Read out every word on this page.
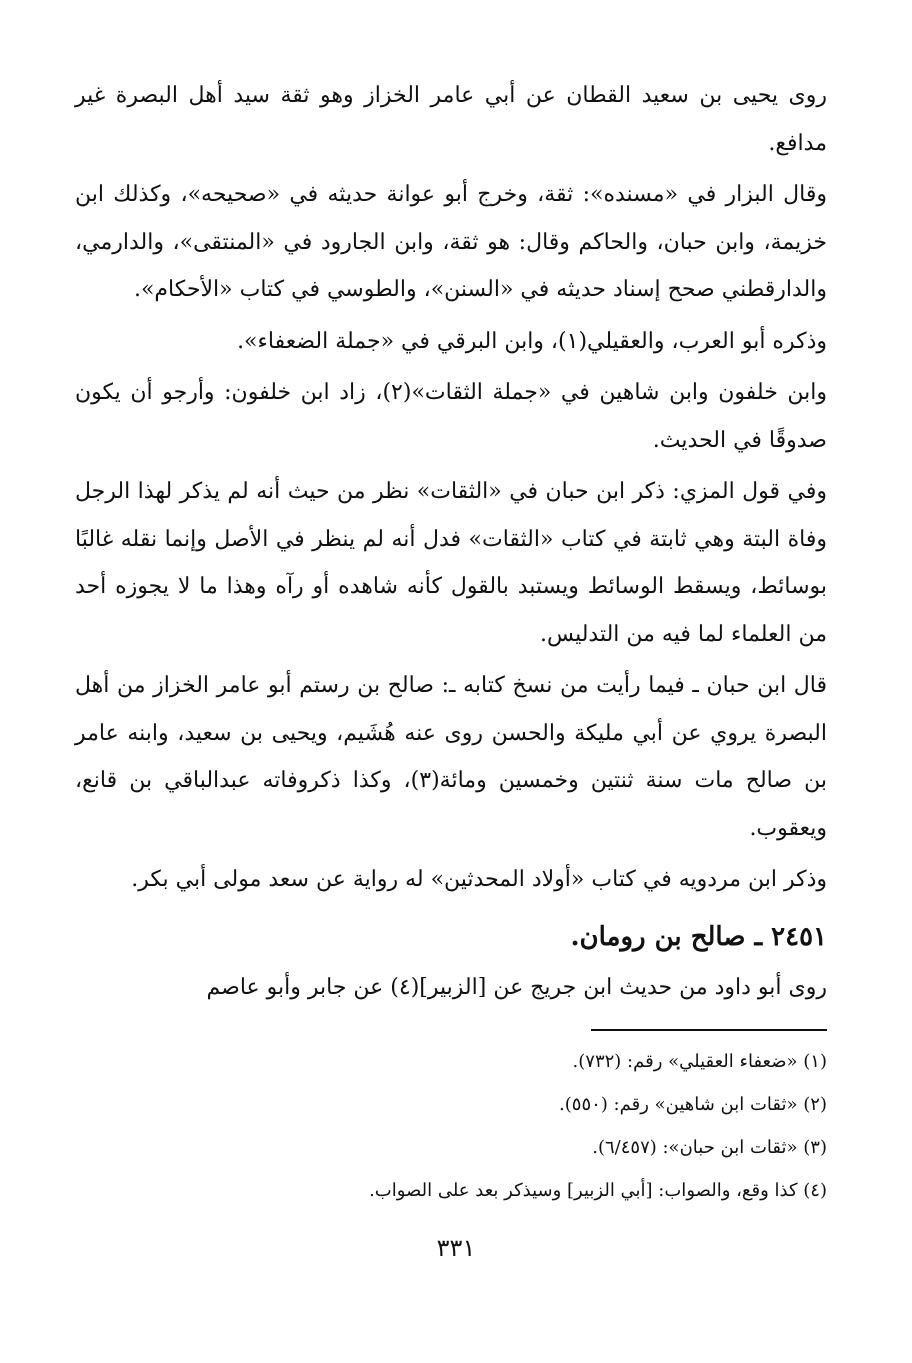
روى يحيى بن سعيد القطان عن أبي عامر الخزاز وهو ثقة سيد أهل البصرة غير مدافع.

وقال البزار في «مسنده»: ثقة، وخرج أبو عوانة حديثه في «صحيحه»، وكذلك ابن خزيمة، وابن حبان، والحاكم وقال: هو ثقة، وابن الجارود في «المنتقى»، والدارمي، والدارقطني صحح إسناد حديثه في «السنن»، والطوسي في كتاب «الأحكام».

وذكره أبو العرب، والعقيلي(١)، وابن البرقي في «جملة الضعفاء».

وابن خلفون وابن شاهين في «جملة الثقات»(٢)، زاد ابن خلفون: وأرجو أن يكون صدوقًا في الحديث.

وفي قول المزي: ذكر ابن حبان في «الثقات» نظر من حيث أنه لم يذكر لهذا الرجل وفاة البتة وهي ثابتة في كتاب «الثقات» فدل أنه لم ينظر في الأصل وإنما نقله غالبًا بوسائط، ويسقط الوسائط ويستبد بالقول كأنه شاهده أو رآه وهذا ما لا يجوزه أحد من العلماء لما فيه من التدليس.

قال ابن حبان ـ فيما رأيت من نسخ كتابه ـ: صالح بن رستم أبو عامر الخزاز من أهل البصرة يروي عن أبي مليكة والحسن روى عنه هُشَيم، ويحيى بن سعيد، وابنه عامر بن صالح مات سنة ثنتين وخمسين ومائة(٣)، وكذا ذكروفاته عبدالباقي بن قانع، ويعقوب.

وذكر ابن مردويه في كتاب «أولاد المحدثين» له رواية عن سعد مولى أبي بكر.

٢٤٥١ ـ صالح بن رومان.

روى أبو داود من حديث ابن جريج عن [الزبير](٤) عن جابر وأبو عاصم

(١) «ضعفاء العقيلي» رقم: (٧٣٢).

(٢) «ثقات ابن شاهين» رقم: (٥٥٠).

(٣) «ثقات ابن حبان»: (٦/٤٥٧).

(٤) كذا وقع، والصواب: [أبي الزبير] وسيذكر بعد على الصواب.

٣٣١
